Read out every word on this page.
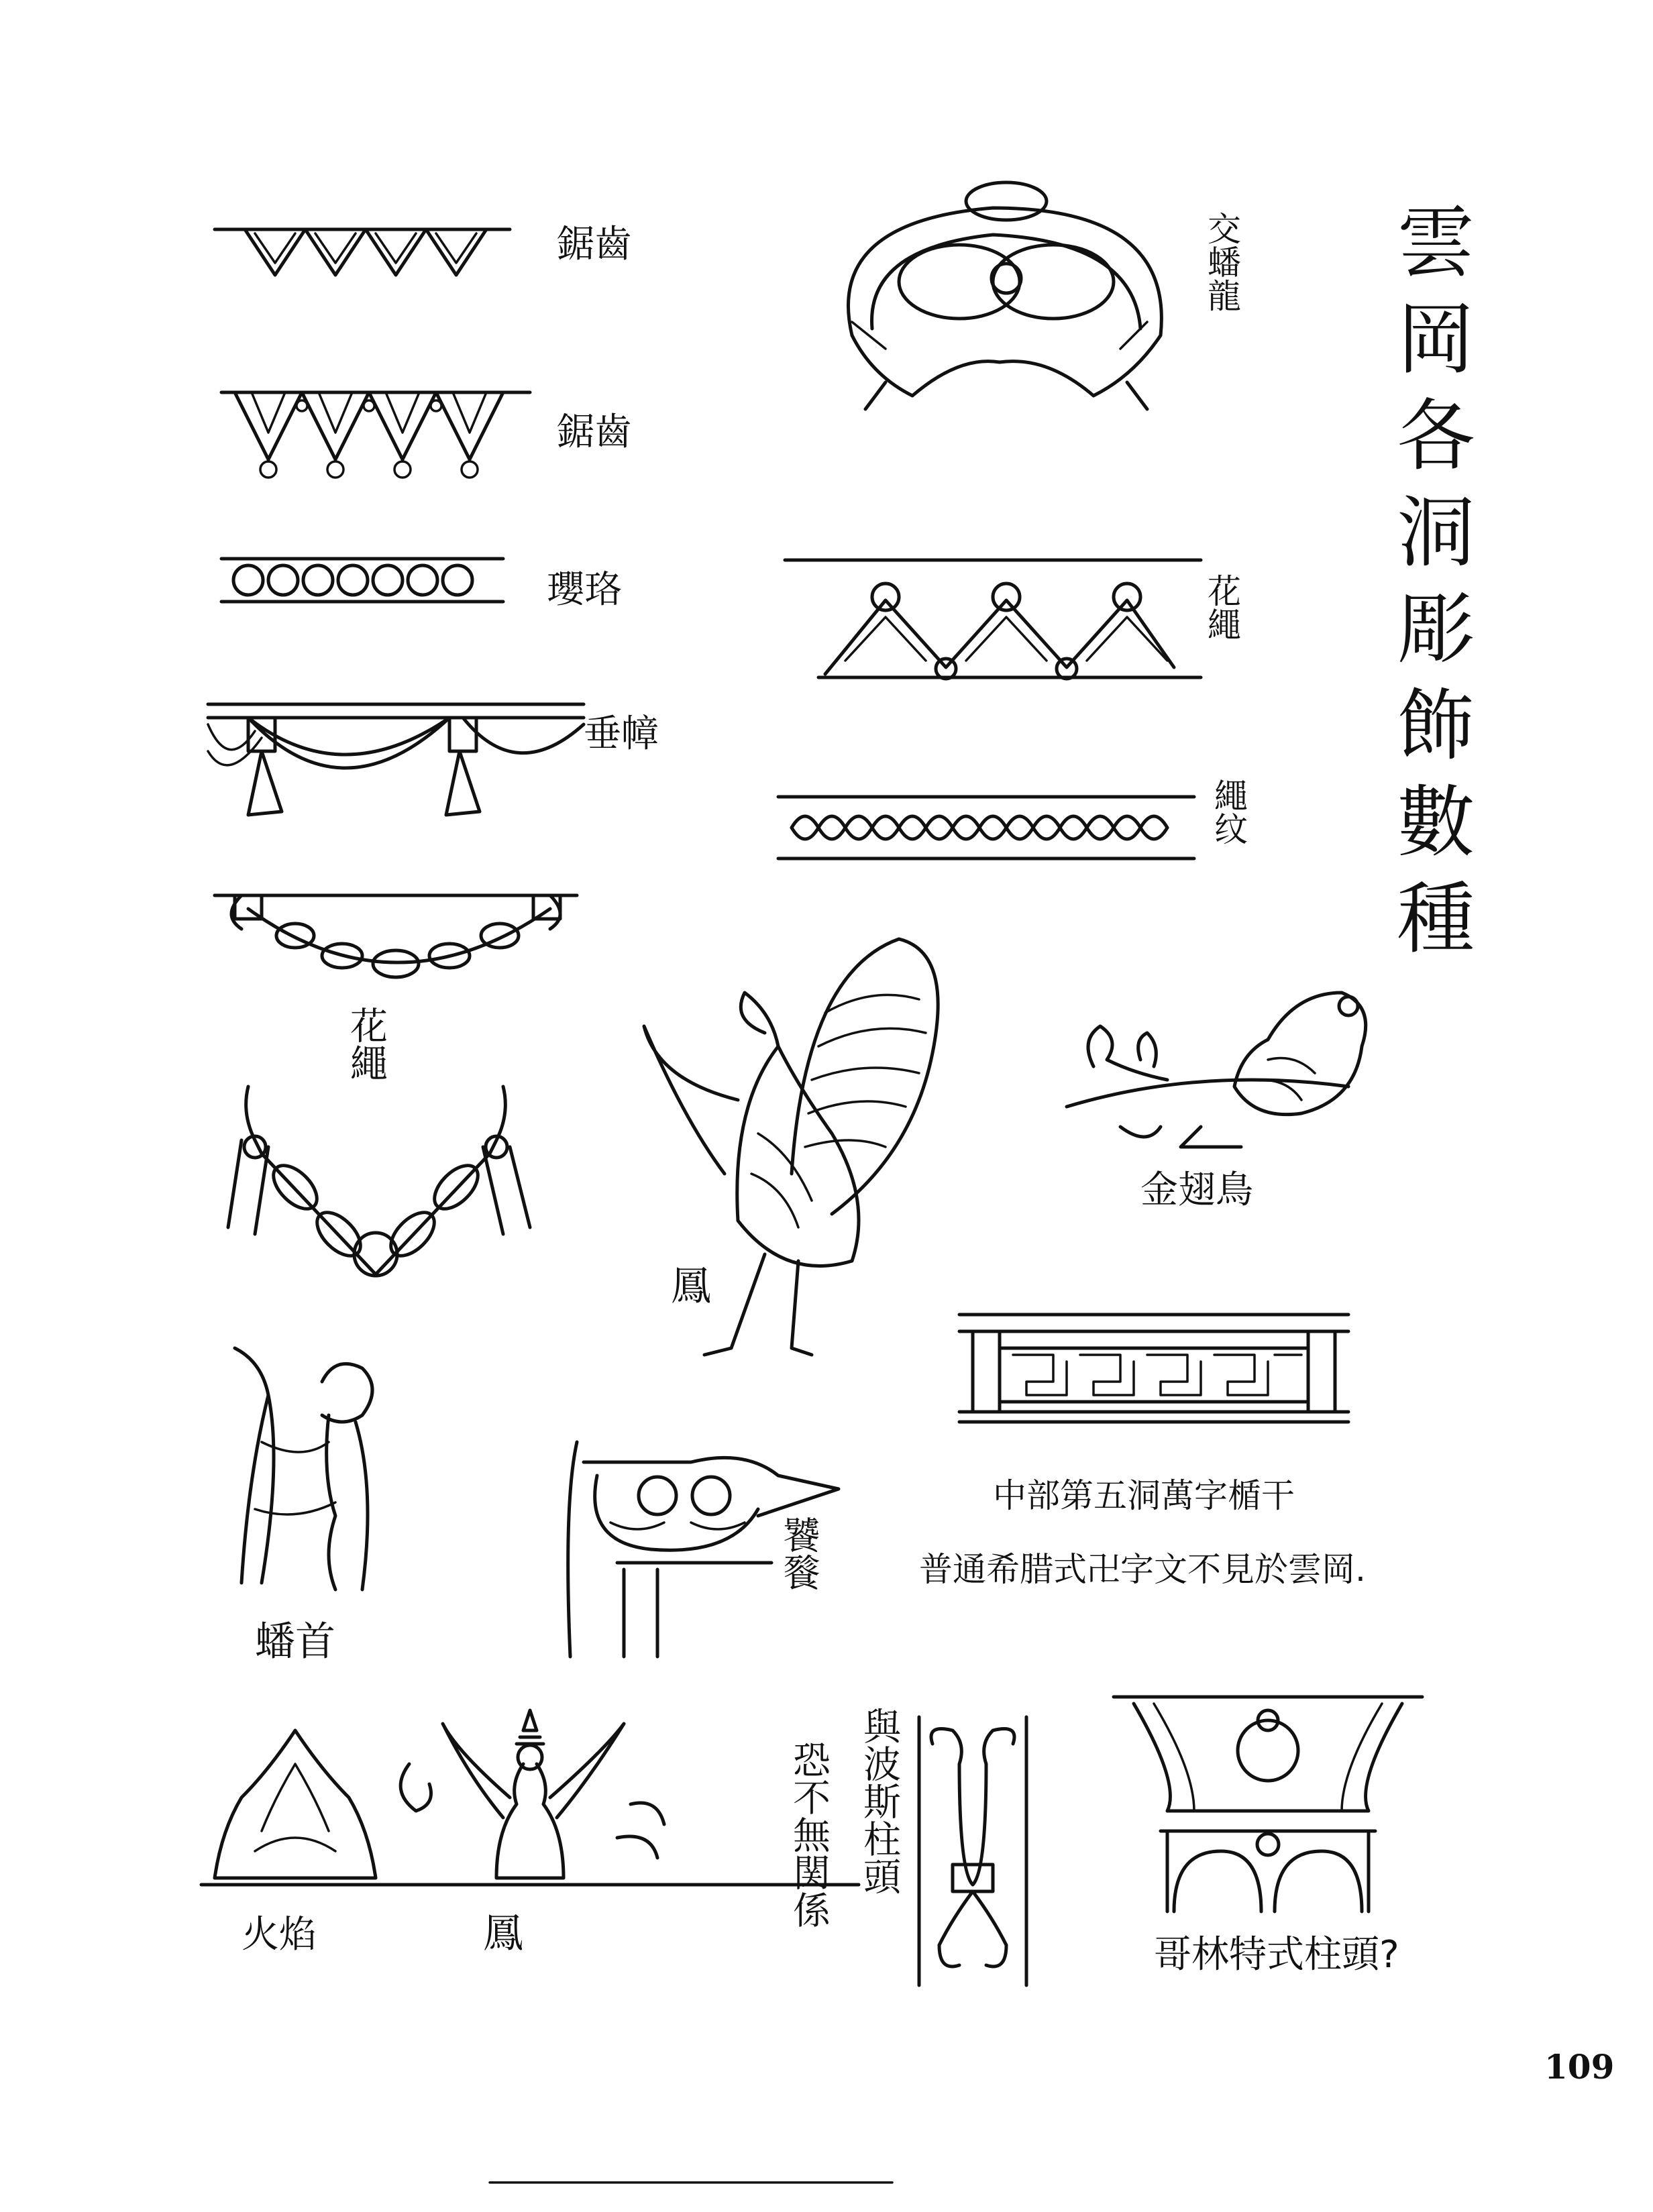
雲岡各洞彫飾數種
109
鋸齒
鋸齒
瓔珞
垂幛
花繩
交蟠龍
花繩
繩纹
鳳
金翅鳥
中部第五洞萬字楯干
普通希腊式卍字文不見於雲岡.
蟠首
饕餮
火焰	鳳
與波斯柱頭
恐不無関係
哥林特式柱頭?
